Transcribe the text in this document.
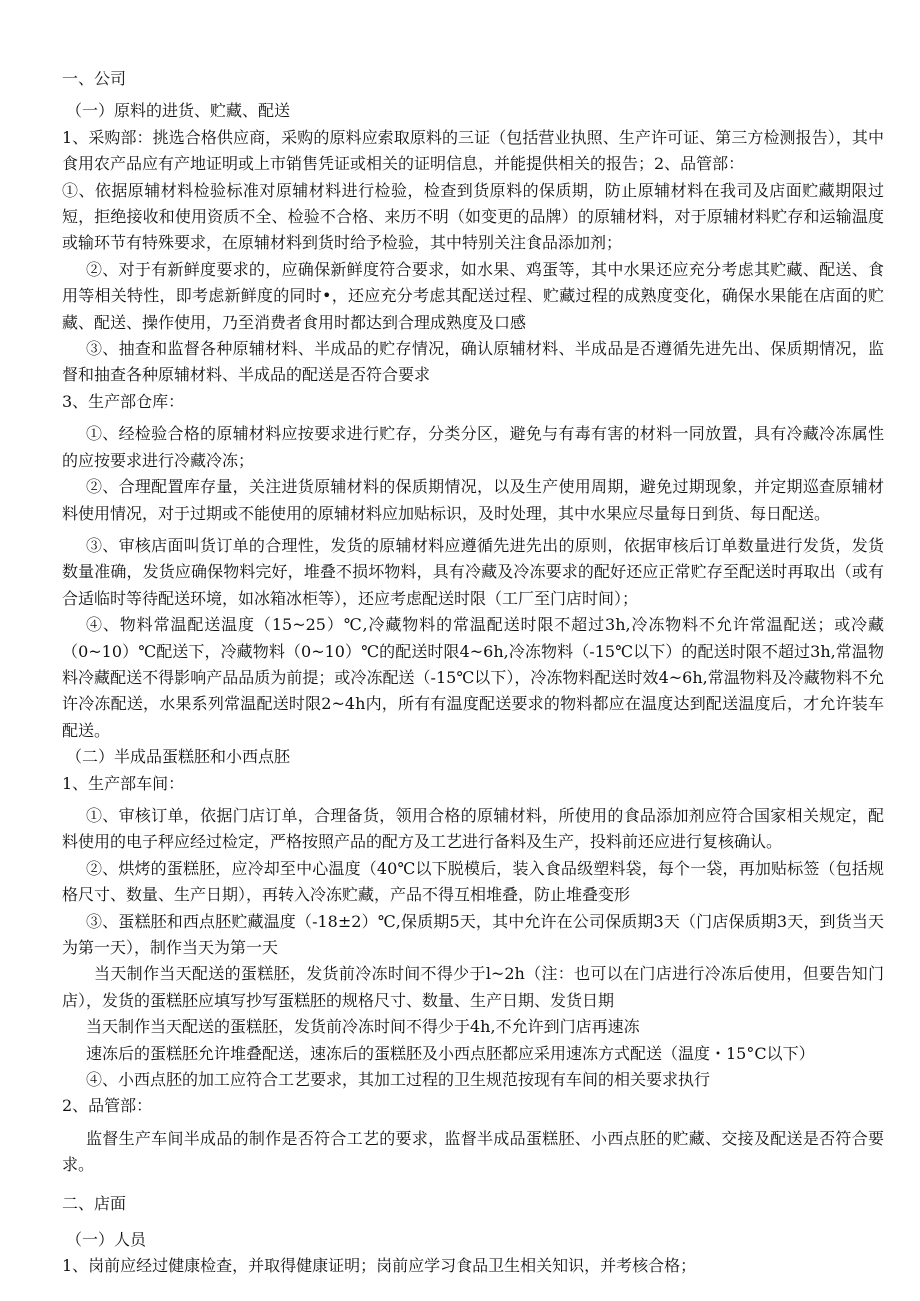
一、公司

（一）原料的进货、贮藏、配送

1、采购部：挑选合格供应商，采购的原料应索取原料的三证（包括营业执照、生产许可证、第三方检测报告），其中食用农产品应有产地证明或上市销售凭证或相关的证明信息，并能提供相关的报告；2、品管部：

①、依据原辅材料检验标准对原辅材料进行检验，检查到货原料的保质期，防止原辅材料在我司及店面贮藏期限过短，拒绝接收和使用资质不全、检验不合格、来历不明（如变更的品牌）的原辅材料，对于原辅材料贮存和运输温度或输环节有特殊要求，在原辅材料到货时给予检验，其中特别关注食品添加剂；

②、对于有新鲜度要求的，应确保新鲜度符合要求，如水果、鸡蛋等，其中水果还应充分考虑其贮藏、配送、食用等相关特性，即考虑新鲜度的同时•，还应充分考虑其配送过程、贮藏过程的成熟度变化，确保水果能在店面的贮藏、配送、操作使用，乃至消费者食用时都达到合理成熟度及口感

③、抽查和监督各种原辅材料、半成品的贮存情况，确认原辅材料、半成品是否遵循先进先出、保质期情况，监督和抽查各种原辅材料、半成品的配送是否符合要求

3、生产部仓库：

①、经检验合格的原辅材料应按要求进行贮存，分类分区，避免与有毒有害的材料一同放置，具有冷藏冷冻属性的应按要求进行冷藏冷冻；

②、合理配置库存量，关注进货原辅材料的保质期情况，以及生产使用周期，避免过期现象，并定期巡查原辅材料使用情况，对于过期或不能使用的原辅材料应加贴标识，及时处理，其中水果应尽量每日到货、每日配送。

③、审核店面叫货订单的合理性，发货的原辅材料应遵循先进先出的原则，依据审核后订单数量进行发货，发货数量准确，发货应确保物料完好，堆叠不损坏物料，具有冷藏及冷冻要求的配好还应正常贮存至配送时再取出（或有合适临时等待配送环境，如冰箱冰柜等），还应考虑配送时限（工厂至门店时间）；

④、物料常温配送温度（15~25）℃,冷藏物料的常温配送时限不超过3h,冷冻物料不允许常温配送；或冷藏（0~10）℃配送下，冷藏物料（0~10）℃的配送时限4~6h,冷冻物料（-15℃以下）的配送时限不超过3h,常温物料冷藏配送不得影响产品品质为前提；或冷冻配送（-15℃以下），冷冻物料配送时效4~6h,常温物料及冷藏物料不允许冷冻配送，水果系列常温配送时限2~4h内，所有有温度配送要求的物料都应在温度达到配送温度后，才允许装车配送。

（二）半成品蛋糕胚和小西点胚

1、生产部车间：

①、审核订单，依据门店订单，合理备货，领用合格的原辅材料，所使用的食品添加剂应符合国家相关规定，配料使用的电子秤应经过检定，严格按照产品的配方及工艺进行备料及生产，投料前还应进行复核确认。

②、烘烤的蛋糕胚，应冷却至中心温度（40℃以下脱模后，装入食品级塑料袋，每个一袋，再加贴标签（包括规格尺寸、数量、生产日期），再转入冷冻贮藏，产品不得互相堆叠，防止堆叠变形

③、蛋糕胚和西点胚贮藏温度（-18±2）℃,保质期5天，其中允许在公司保质期3天（门店保质期3天，到货当天为第一天），制作当天为第一天

当天制作当天配送的蛋糕胚，发货前冷冻时间不得少于l~2h（注：也可以在门店进行冷冻后使用，但要告知门店），发货的蛋糕胚应填写抄写蛋糕胚的规格尺寸、数量、生产日期、发货日期

当天制作当天配送的蛋糕胚，发货前冷冻时间不得少于4h,不允许到门店再速冻

速冻后的蛋糕胚允许堆叠配送，速冻后的蛋糕胚及小西点胚都应采用速冻方式配送（温度・15°C以下）

④、小西点胚的加工应符合工艺要求，其加工过程的卫生规范按现有车间的相关要求执行

2、品管部：

监督生产车间半成品的制作是否符合工艺的要求，监督半成品蛋糕胚、小西点胚的贮藏、交接及配送是否符合要求。

二、店面

（一）人员

1、岗前应经过健康检查，并取得健康证明；岗前应学习食品卫生相关知识，并考核合格；
